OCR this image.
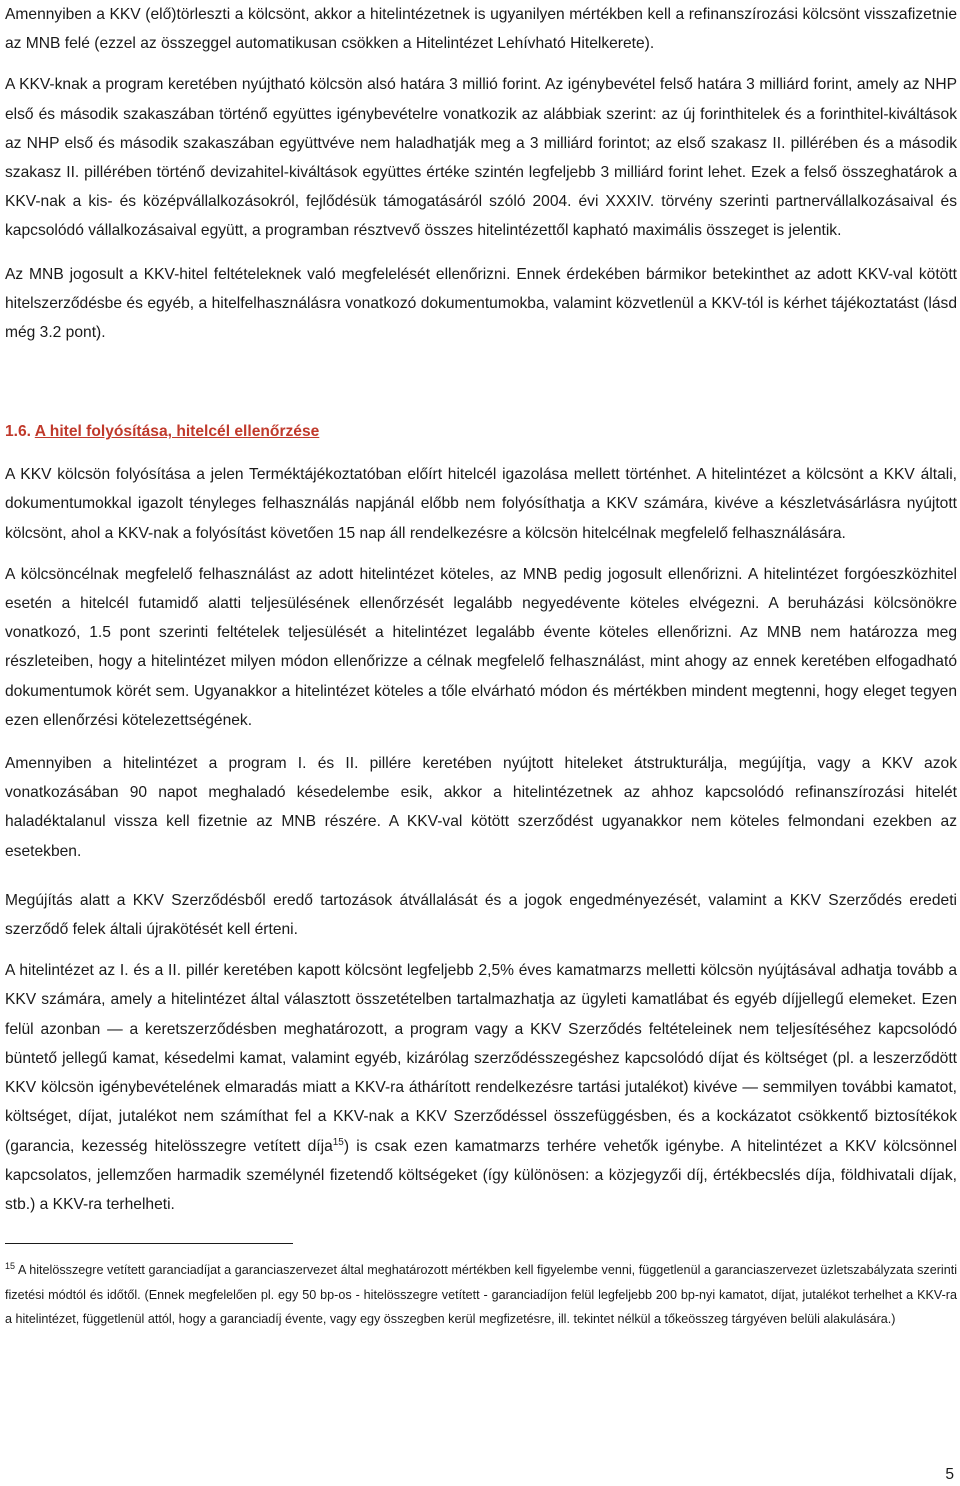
Amennyiben a KKV (elő)törleszti a kölcsönt, akkor a hitelintézetnek is ugyanilyen mértékben kell a refinanszírozási kölcsönt visszafizetnie az MNB felé (ezzel az összeggel automatikusan csökken a Hitelintézet Lehívható Hitelkerete).

A KKV-knak a program keretében nyújtható kölcsön alsó határa 3 millió forint. Az igénybevétel felső határa 3 milliárd forint, amely az NHP első és második szakaszában történő együttes igénybevételre vonatkozik az alábbiak szerint: az új forinthitelek és a forinthitel-kiváltások az NHP első és második szakaszában együttvéve nem haladhatják meg a 3 milliárd forintot; az első szakasz II. pillérében és a második szakasz II. pillérében történő devizahitel-kiváltások együttes értéke szintén legfeljebb 3 milliárd forint lehet. Ezek a felső összeghatárok a KKV-nak a kis- és középvállalkozásokról, fejlődésük támogatásáról szóló 2004. évi XXXIV. törvény szerinti partnervállalkozásaival és kapcsolódó vállalkozásaival együtt, a programban résztvevő összes hitelintézettől kapható maximális összeget is jelentik.

Az MNB jogosult a KKV-hitel feltételeknek való megfelelését ellenőrizni. Ennek érdekében bármikor betekinthet az adott KKV-val kötött hitelszerződésbe és egyéb, a hitelfelhasználásra vonatkozó dokumentumokba, valamint közvetlenül a KKV-tól is kérhet tájékoztatást (lásd még 3.2 pont).

1.6. A hitel folyósítása, hitelcél ellenőrzése

A KKV kölcsön folyósítása a jelen Terméktájékoztatóban előírt hitelcél igazolása mellett történhet. A hitelintézet a kölcsönt a KKV általi, dokumentumokkal igazolt tényleges felhasználás napjánál előbb nem folyósíthatja a KKV számára, kivéve a készletvásárlásra nyújtott kölcsönt, ahol a KKV-nak a folyósítást követően 15 nap áll rendelkezésre a kölcsön hitelcélnak megfelelő felhasználására.

A kölcsöncélnak megfelelő felhasználást az adott hitelintézet köteles, az MNB pedig jogosult ellenőrizni. A hitelintézet forgóeszközhitel esetén a hitelcél futamidő alatti teljesülésének ellenőrzését legalább negyedévente köteles elvégezni. A beruházási kölcsönökre vonatkozó, 1.5 pont szerinti feltételek teljesülését a hitelintézet legalább évente köteles ellenőrizni. Az MNB nem határozza meg részleteiben, hogy a hitelintézet milyen módon ellenőrizze a célnak megfelelő felhasználást, mint ahogy az ennek keretében elfogadható dokumentumok körét sem. Ugyanakkor a hitelintézet köteles a tőle elvárható módon és mértékben mindent megtenni, hogy eleget tegyen ezen ellenőrzési kötelezettségének.

Amennyiben a hitelintézet a program I. és II. pillére keretében nyújtott hiteleket átstrukturálja, megújítja, vagy a KKV azok vonatkozásában 90 napot meghaladó késedelembe esik, akkor a hitelintézetnek az ahhoz kapcsolódó refinanszírozási hitelét haladéktalanul vissza kell fizetnie az MNB részére. A KKV-val kötött szerződést ugyanakkor nem köteles felmondani ezekben az esetekben.

Megújítás alatt a KKV Szerződésből eredő tartozások átvállalását és a jogok engedményezését, valamint a KKV Szerződés eredeti szerződő felek általi újrakötését kell érteni.

A hitelintézet az I. és a II. pillér keretében kapott kölcsönt legfeljebb 2,5% éves kamatmarzs melletti kölcsön nyújtásával adhatja tovább a KKV számára, amely a hitelintézet által választott összetételben tartalmazhatja az ügyleti kamatlábat és egyéb díjjellegű elemeket. Ezen felül azonban — a keretszerződésben meghatározott, a program vagy a KKV Szerződés feltételeinek nem teljesítéséhez kapcsolódó büntető jellegű kamat, késedelmi kamat, valamint egyéb, kizárólag szerződésszegéshez kapcsolódó díjat és költséget (pl. a leszerződött KKV kölcsön igénybevételének elmaradás miatt a KKV-ra áthárított rendelkezésre tartási jutalékot) kivéve — semmilyen további kamatot, költséget, díjat, jutalékot nem számíthat fel a KKV-nak a KKV Szerződéssel összefüggésben, és a kockázatot csökkentő biztosítékok (garancia, kezesség hitelösszegre vetített díja$^{15}$) is csak ezen kamatmarzs terhére vehetők igénybe. A hitelintézet a KKV kölcsönnel kapcsolatos, jellemzően harmadik személynél fizetendő költségeket (így különösen: a közjegyzői díj, értékbecslés díja, földhivatali díjak, stb.) a KKV-ra terhelheti.

$^{15}$ A hitelösszegre vetített garanciadíjat a garanciaszervezet által meghatározott mértékben kell figyelembe venni, függetlenül a garanciaszervezet üzletszabályzata szerinti fizetési módtól és időtől. (Ennek megfelelően pl. egy 50 bp-os - hitelösszegre vetített - garanciadíjon felül legfeljebb 200 bp-nyi kamatot, díjat, jutalékot terhelhet a KKV-ra a hitelintézet, függetlenül attól, hogy a garanciadíj évente, vagy egy összegben kerül megfizetésre, ill. tekintet nélkül a tőkeösszeg tárgyéven belüli alakulására.)

5
